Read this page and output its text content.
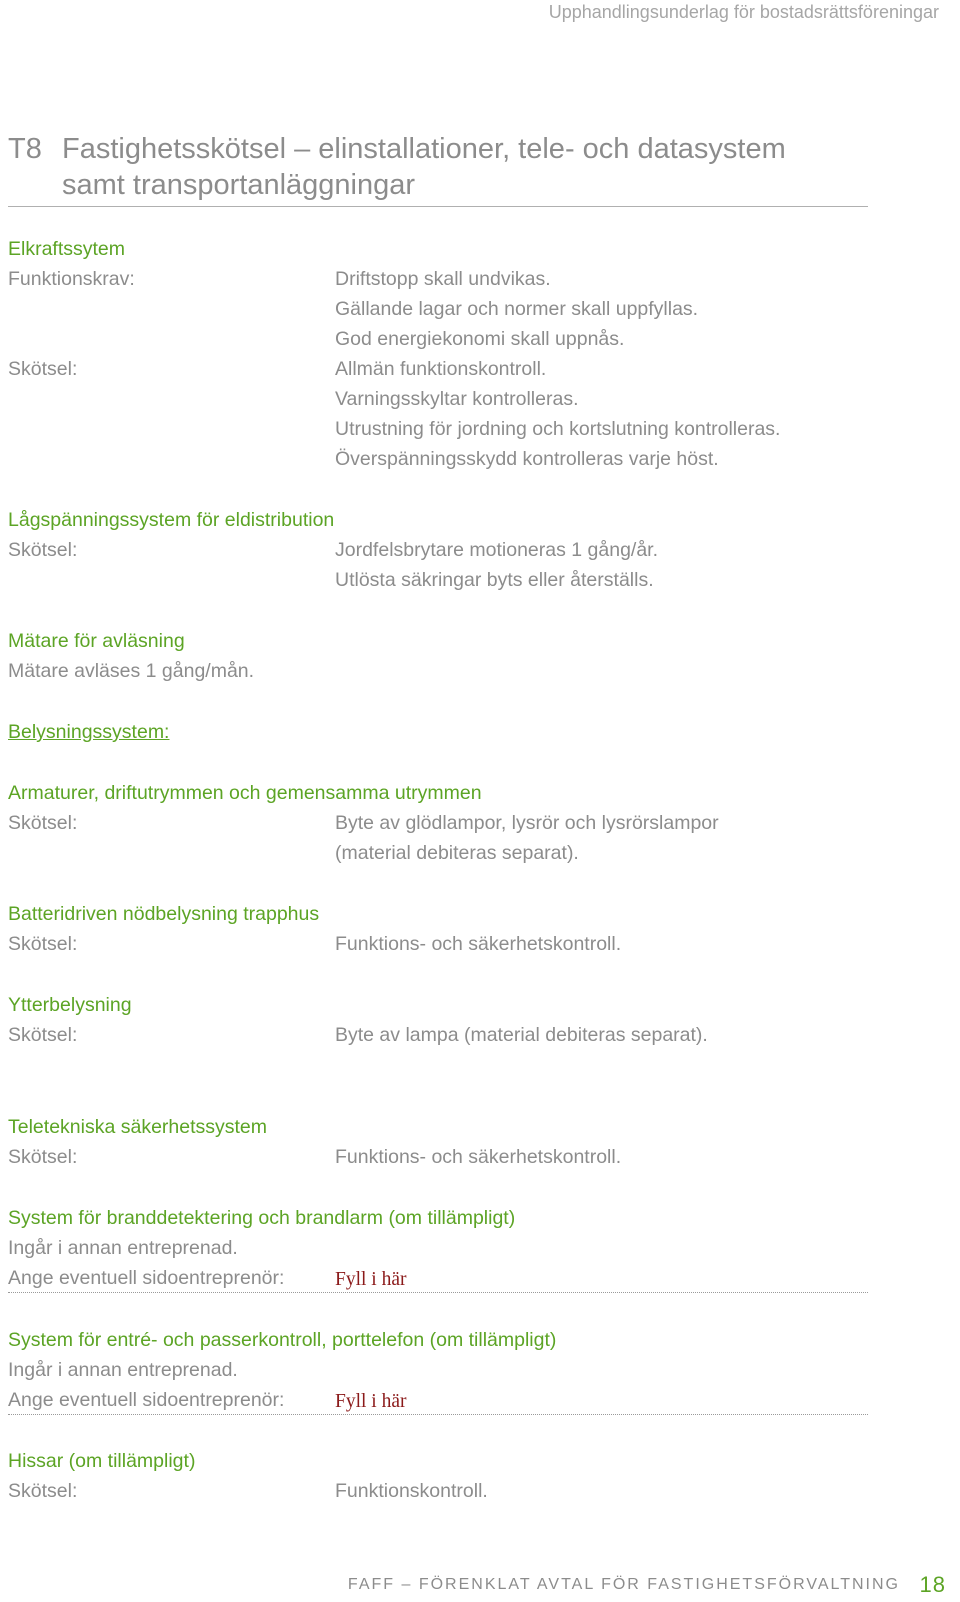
Upphandlingsunderlag för bostadsrättsföreningar
T8 Fastighetsskötsel – elinstallationer, tele- och datasystem
samt transportanläggningar
Elkraftssytem
Funktionskrav:	Driftstopp skall undvikas.
Gällande lagar och normer skall uppfyllas.
God energiekonomi skall uppnås.
Skötsel:	Allmän funktionskontroll.
Varningsskyltar kontrolleras.
Utrustning för jordning och kortslutning kontrolleras.
Överspänningsskydd kontrolleras varje höst.
Lågspänningssystem för eldistribution
Skötsel:	Jordfelsbrytare motioneras 1 gång/år.
Utlösta säkringar byts eller återställs.
Mätare för avläsning
Mätare avläses 1 gång/mån.
Belysningssystem:
Armaturer, driftutrymmen och gemensamma utrymmen
Skötsel:	Byte av glödlampor, lysrör och lysrörslampor
(material debiteras separat).
Batteridriven nödbelysning trapphus
Skötsel:	Funktions- och säkerhetskontroll.
Ytterbelysning
Skötsel:	Byte av lampa (material debiteras separat).
Teletekniska säkerhetssystem
Skötsel:	Funktions- och säkerhetskontroll.
System för branddetektering och brandlarm (om tillämpligt)
Ingår i annan entreprenad.
Ange eventuell sidoentreprenör:	Fyll i här
System för entré- och passerkontroll, porttelefon (om tillämpligt)
Ingår i annan entreprenad.
Ange eventuell sidoentreprenör:	Fyll i här
Hissar (om tillämpligt)
Skötsel:	Funktionskontroll.
FAFF – FÖRENKLAT AVTAL FÖR FASTIGHETSFÖRVALTNING 18
